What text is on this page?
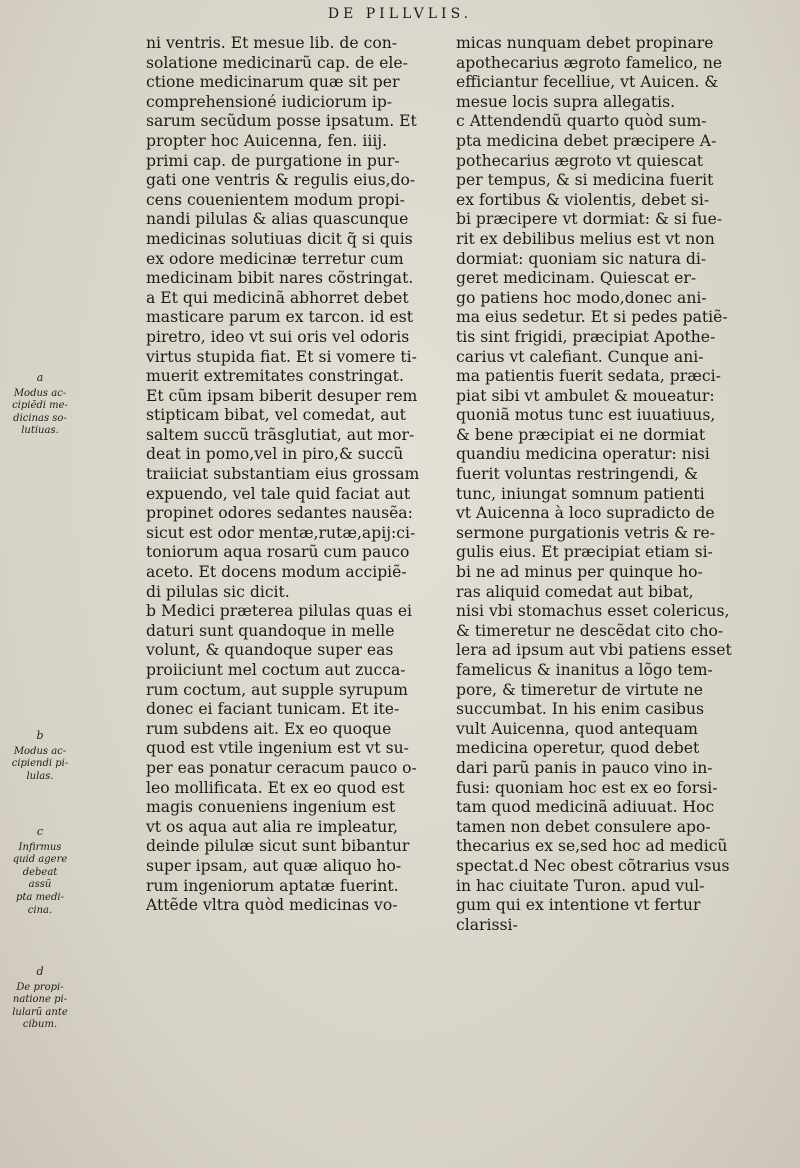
DE PILLVLIS.

ni ventris. Et mesue lib. de con-

solatione medicinarũ cap. de ele-

ctione medicinarum quæ sit per

comprehensioné iudiciorum ip-

sarum secũdum posse ipsatum. Et

propter hoc Auicenna, fen. iiij.

primi cap. de purgatione in pur-

gati one ventris & regulis eius,do-

cens couenientem modum propi-

nandi pilulas & alias quascunque

medicinas solutiuas dicit q̃ si quis

ex odore medicinæ terretur cum

medicinam bibit nares cõstringat.

a Et qui medicinã abhorret debet

masticare parum ex tarcon. id est

piretro, ideo vt sui oris vel odoris

virtus stupida fiat. Et si vomere ti-

muerit extremitates constringat.

Et cũm ipsam biberit desuper rem

stipticam bibat, vel comedat, aut

saltem succũ trãsglutiat, aut mor-

deat in pomo,vel in piro,& succũ

traiiciat substantiam eius grossam

expuendo, vel tale quid faciat aut

propinet odores sedantes nausẽa:

sicut est odor mentæ,rutæ,apij:ci-

toniorum aqua rosarũ cum pauco

aceto. Et docens modum accipiẽ-

di pilulas sic dicit.

b Medici præterea pilulas quas ei

daturi sunt quandoque in melle

volunt, & quandoque super eas

proiiciunt mel coctum aut zucca-

rum coctum, aut supple syrupum

donec ei faciant tunicam. Et ite-

rum subdens ait. Ex eo quoque

quod est vtile ingenium est vt su-

per eas ponatur ceracum pauco o-

leo mollificata. Et ex eo quod est

magis conueniens ingenium est

vt os aqua aut alia re impleatur,

deinde pilulæ sicut sunt bibantur

super ipsam, aut quæ aliquo ho-

rum ingeniorum aptatæ fuerint.

Attẽde vltra quòd medicinas vo-

micas nunquam debet propinare

apothecarius ægroto famelico, ne

efficiantur fecelliue, vt Auicen. &

mesue locis supra allegatis.

c Attendendũ quarto quòd sum-

pta medicina debet præcipere A-

pothecarius ægroto vt quiescat

per tempus, & si medicina fuerit

ex fortibus & violentis, debet si-

bi præcipere vt dormiat: & si fue-

rit ex debilibus melius est vt non

dormiat: quoniam sic natura di-

geret medicinam. Quiescat er-

go patiens hoc modo,donec ani-

ma eius sedetur. Et si pedes patiẽ-

tis sint frigidi, præcipiat Apothe-

carius vt calefiant. Cunque ani-

ma patientis fuerit sedata, præci-

piat sibi vt ambulet & moueatur:

quoniã motus tunc est iuuatiuus,

& bene præcipiat ei ne dormiat

quandiu medicina operatur: nisi

fuerit voluntas restringendi, &

tunc, iniungat somnum patienti

vt Auicenna à loco supradicto de

sermone purgationis vetris & re-

gulis eius. Et præcipiat etiam si-

bi ne ad minus per quinque ho-

ras aliquid comedat aut bibat,

nisi vbi stomachus esset colericus,

& timeretur ne descẽdat cito cho-

lera ad ipsum aut vbi patiens esset

famelicus & inanitus a lõgo tem-

pore, & timeretur de virtute ne

succumbat. In his enim casibus

vult Auicenna, quod antequam

medicina operetur, quod debet

dari parũ panis in pauco vino in-

fusi: quoniam hoc est ex eo forsi-

tam quod medicinã adiuuat. Hoc

tamen non debet consulere apo-

thecarius ex se,sed hoc ad medicũ

spectat.d Nec obest cõtrarius vsus

in hac ciuitate Turon. apud vul-

gum qui ex intentione vt fertur

clarissi-

a
Modus ac-
cipiẽdi me-
dicinas so-
lutiuas.
b
Modus ac-
cipiendi pi-
lulas.
c
Infirmus
quid agere
debeat assũ
pta medi-
cina.
d
De propi-
natione pi-
lularũ ante
cibum.
